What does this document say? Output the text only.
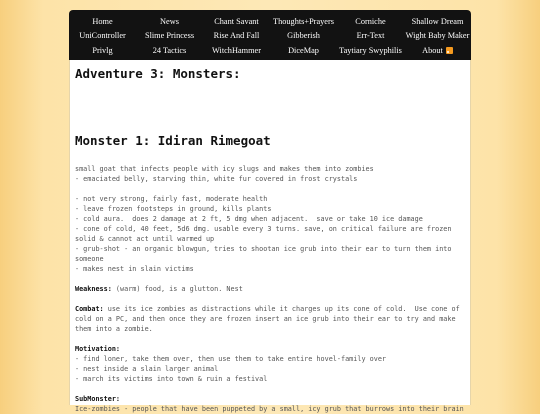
Home	News	Chant Savant	Thoughts+Prayers	Corniche	Shallow Dream
UniController	Slime Princess	Rise And Fall	Gibberish	Err-Text	Wight Baby Maker
Privlg	24 Tactics	WitchHammer	DiceMap	Taytiary Swyphilis	About
Adventure 3: Monsters:
Monster 1: Idiran Rimegoat

small goat that infects people with icy slugs and makes them into zombies

- emaciated belly, starving thin, white fur covered in frost crystals

- not very strong, fairly fast, moderate health

- leave frozen footsteps in ground, kills plants

- cold aura.  does 2 damage at 2 ft, 5 dmg when adjacent.  save or take 10 ice damage

- cone of cold, 40 feet, 5d6 dmg. usable every 3 turns. save, on critical failure are frozen solid & cannot act until warmed up

- grub-shot - an organic blowgun, tries to shootan ice grub into their ear to turn them into someone

- makes nest in slain victims

Weakness: (warm) food, is a glutton. Nest

Combat: use its ice zombies as distractions while it charges up its cone of cold.  Use cone of cold on a PC, and then once they are frozen insert an ice grub into their ear to try and make them into a zombie.

Motivation:

- find loner, take them over, then use them to take entire hovel-family over

- nest inside a slain larger animal

- march its victims into town & ruin a festival

SubMonster:

Ice-zombies - people that have been puppeted by a small, icy grub that burrows into their brain
